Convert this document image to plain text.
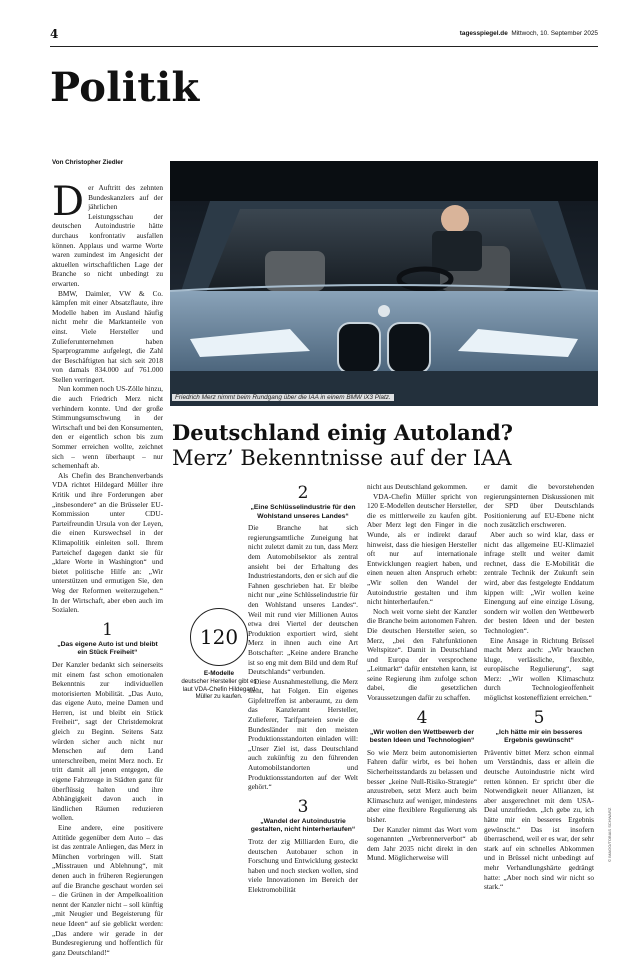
4	tagesspiegel.de Mittwoch, 10. September 2025
Politik
Von Christopher Ziedler

Der Auftritt des zehnten Bundeskanzlers auf der jährlichen Leistungsschau der deutschen Autoindustrie hätte durchaus konfrontativ ausfallen können. Applaus und warme Worte waren zumindest im Angesicht der aktuellen wirtschaftlichen Lage der Branche so nicht unbedingt zu erwarten.

BMW, Daimler, VW & Co. kämpfen mit einer Absatzflaute, ihre Modelle haben im Ausland häufig nicht mehr die Marktanteile von einst. Viele Hersteller und Zulieferunternehmen haben Sparprogramme aufgelegt, die Zahl der Beschäftigten hat sich seit 2018 von damals 834.000 auf 761.000 Stellen verringert.

Nun kommen noch US-Zölle hinzu, die auch Friedrich Merz nicht verhindern konnte. Und der große Stimmungsumschwung in der Wirtschaft und bei den Konsumenten, den er eigentlich schon bis zum Sommer erreichen wollte, zeichnet sich – wenn überhaupt – nur schemenhaft ab.

Als Chefin des Branchenverbands VDA richtet Hildegard Müller ihre Kritik und ihre Forderungen aber „insbesondere“ an die Brüsseler EU-Kommission unter CDU-Parteifreundin Ursula von der Leyen, die einen Kurswechsel in der Klimapolitik einleiten soll. Ihrem Parteichef dagegen dankt sie für „klare Worte in Washington“ und bietet politische Hilfe an: „Wir unterstützen und ermutigen Sie, den Weg der Reformen weiterzugehen.“ In der Wirtschaft, aber eben auch im Sozialen.

1
„Das eigene Auto ist und bleibt ein Stück Freiheit“

Der Kanzler bedankt sich seinerseits mit einem fast schon emotionalen Bekenntnis zur individuellen motorisierten Mobilität. „Das Auto, das eigene Auto, meine Damen und Herren, ist und bleibt ein Stück Freiheit“, sagt der Christdemokrat gleich zu Beginn. Seitens Satz würden sicher auch nicht nur Menschen auf dem Land unterschreiben, meint Merz noch. Er tritt damit all jenen entgegen, die eigene Fahrzeuge in Städten ganz für überflüssig halten und ihre Abhängigkeit davon auch in ländlichen Räumen reduzieren wollen.

Eine andere, eine positivere Attitüde gegenüber dem Auto – das ist das zentrale Anliegen, das Merz in München vorbringen will. Statt „Misstrauen und Ablehnung“, mit denen auch in früheren Regierungen auf die Branche geschaut worden sei – die Grünen in der Ampelkoalition nennt der Kanzler nicht – soll künftig „mit Neugier und Begeisterung für neue Ideen“ auf sie geblickt werden: „Das andere wir gerade in der Bundesregierung und hoffentlich für ganz Deutschland!“

Friedrich Merz nimmt beim Rundgang über die IAA in einem BMW iX3 Platz.
© IMAGO/TOBIAS SCHWARZ
Deutschland einig Autoland?
Merz’ Bekenntnisse auf der IAA
2
„Eine Schlüsselindustrie für den Wohlstand unseres Landes“

Die Branche hat sich regierungsamtliche Zuneigung hat nicht zuletzt damit zu tun, dass Merz dem Automobilsektor als zentral ansieht bei der Erhaltung des Industriestandorts, den er sich auf die Fahnen geschrieben hat. Er bleibe nicht nur „eine Schlüsselindustrie für den Wohlstand unseres Landes“. Weil mit rund vier Millionen Autos etwa drei Viertel der deutschen Produktion exportiert wird, sieht Merz in ihnen auch eine Art Botschafter: „Keine andere Branche ist so eng mit dem Bild und dem Ruf Deutschlands“ verbunden.

Diese Ausnahmestellung, die Merz sieht, hat Folgen. Ein eigenes Gipfeltreffen ist anberaumt, zu dem das Kanzleramt Hersteller, Zulieferer, Tarifparteien sowie die Bundesländer mit den meisten Produktionsstandorten einladen will: „Unser Ziel ist, dass Deutschland auch zukünftig zu den führenden Automobilstandorten und Produktionsstandorten auf der Welt gehört.“

3
„Wandel der Autoindustrie gestalten, nicht hinterherlaufen“

Trotz der zig Milliarden Euro, die deutschen Autobauer schon in Forschung und Entwicklung gesteckt haben und noch stecken wollen, sind viele Innovationen im Bereich der Elektromobilität

120
E-Modelle
deutscher Hersteller gibt es laut VDA-Chefin Hildegard Müller zu kaufen.

nicht aus Deutschland gekommen.

VDA-Chefin Müller spricht von 120 E-Modellen deutscher Hersteller, die es mittlerweile zu kaufen gibt. Aber Merz legt den Finger in die Wunde, als er indirekt darauf hinweist, dass die hiesigen Hersteller oft nur auf internationale Entwicklungen reagiert haben, und einen neuen alten Anspruch erhebt: „Wir sollen den Wandel der Autoindustrie gestalten und ihm nicht hinterherlaufen.“

Noch weit vorne sieht der Kanzler die Branche beim autonomen Fahren. Die deutschen Hersteller seien, so Merz, „bei den Fahrfunktionen Weltspitze“. Damit in Deutschland und Europa der versprochene „Leitmarkt“ dafür entstehen kann, ist seine Regierung ihm zufolge schon dabei, die gesetzlichen Voraussetzungen dafür zu schaffen.

4
„Wir wollen den Wettbewerb der besten Ideen und Technologien“

So wie Merz beim autonomisierten Fahren dafür wirbt, es bei hohen Sicherheitsstandards zu belassen und besser „keine Null-Risiko-Strategie“ anzustreben, setzt Merz auch beim Klimaschutz auf weniger, mindestens aber eine flexiblere Regulierung als bisher.

Der Kanzler nimmt das Wort vom sogenannten „Verbrennerverbot“ ab dem Jahr 2035 nicht direkt in den Mund. Möglicherweise will

er damit die bevorstehenden regierungsinternen Diskussionen mit der SPD über Deutschlands Positionierung auf EU-Ebene nicht noch zusätzlich erschweren.

Aber auch so wird klar, dass er nicht das allgemeine EU-Klimaziel infrage stellt und weiter damit rechnet, dass die E-Mobilität die zentrale Technik der Zukunft sein wird, aber das festgelegte Enddatum kippen will: „Wir wollen keine Einengung auf eine einzige Lösung, sondern wir wollen den Wettbewerb der besten Ideen und der besten Technologien“.

Eine Ansage in Richtung Brüssel macht Merz auch: „Wir brauchen kluge, verlässliche, flexible, europäische Regulierung“, sagt Merz: „Wir wollen Klimaschutz durch Technologieoffenheit möglichst kosteneffizient erreichen.“

5
„Ich hätte mir ein besseres Ergebnis gewünscht“

Präventiv bittet Merz schon einmal um Verständnis, dass er allein die deutsche Autoindustrie nicht wird retten können. Er spricht über die Notwendigkeit neuer Allianzen, ist aber ausgerechnet mit dem USA-Deal unzufrieden. „Ich gebe zu, ich hätte mir ein besseres Ergebnis gewünscht.“ Das ist insofern überraschend, weil er es war, der sehr stark auf ein schnelles Abkommen und in Brüssel nicht unbedingt auf mehr Verhandlungshärte gedrängt hatte: „Aber noch sind wir nicht so stark.“
